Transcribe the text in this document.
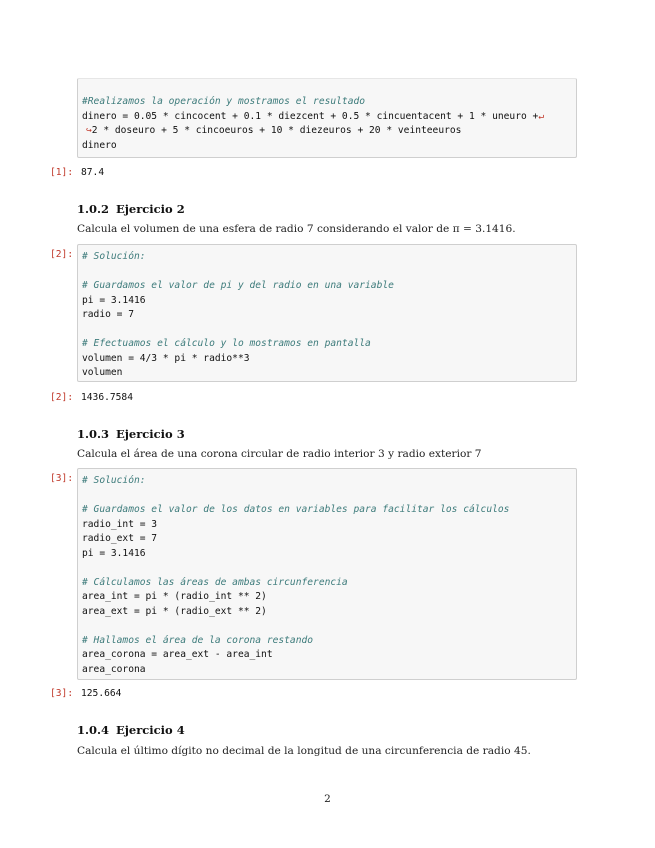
#Realizamos la operación y mostramos el resultado
dinero = 0.05 * cincocent + 0.1 * diezcent + 0.5 * cincuentacent + 1 * uneuro +↵
↪2 * doseuro + 5 * cincoeuros + 10 * diezeuros + 20 * veinteeuros
dinero
[1]: 87.4
1.0.2 Ejercicio 2
Calcula el volumen de una esfera de radio 7 considerando el valor de π = 3.1416.
[2]: # Solución:
# Guardamos el valor de pi y del radio en una variable
pi = 3.1416
radio = 7
# Efectuamos el cálculo y lo mostramos en pantalla
volumen = 4/3 * pi * radio**3
volumen
[2]: 1436.7584
1.0.3 Ejercicio 3
Calcula el área de una corona circular de radio interior 3 y radio exterior 7
[3]: # Solución:
# Guardamos el valor de los datos en variables para facilitar los cálculos
radio_int = 3
radio_ext = 7
pi = 3.1416
# Cálculamos las áreas de ambas circunferencia
area_int = pi * (radio_int ** 2)
area_ext = pi * (radio_ext ** 2)
# Hallamos el área de la corona restando
area_corona = area_ext - area_int
area_corona
[3]: 125.664
1.0.4 Ejercicio 4
Calcula el último dígito no decimal de la longitud de una circunferencia de radio 45.
2
